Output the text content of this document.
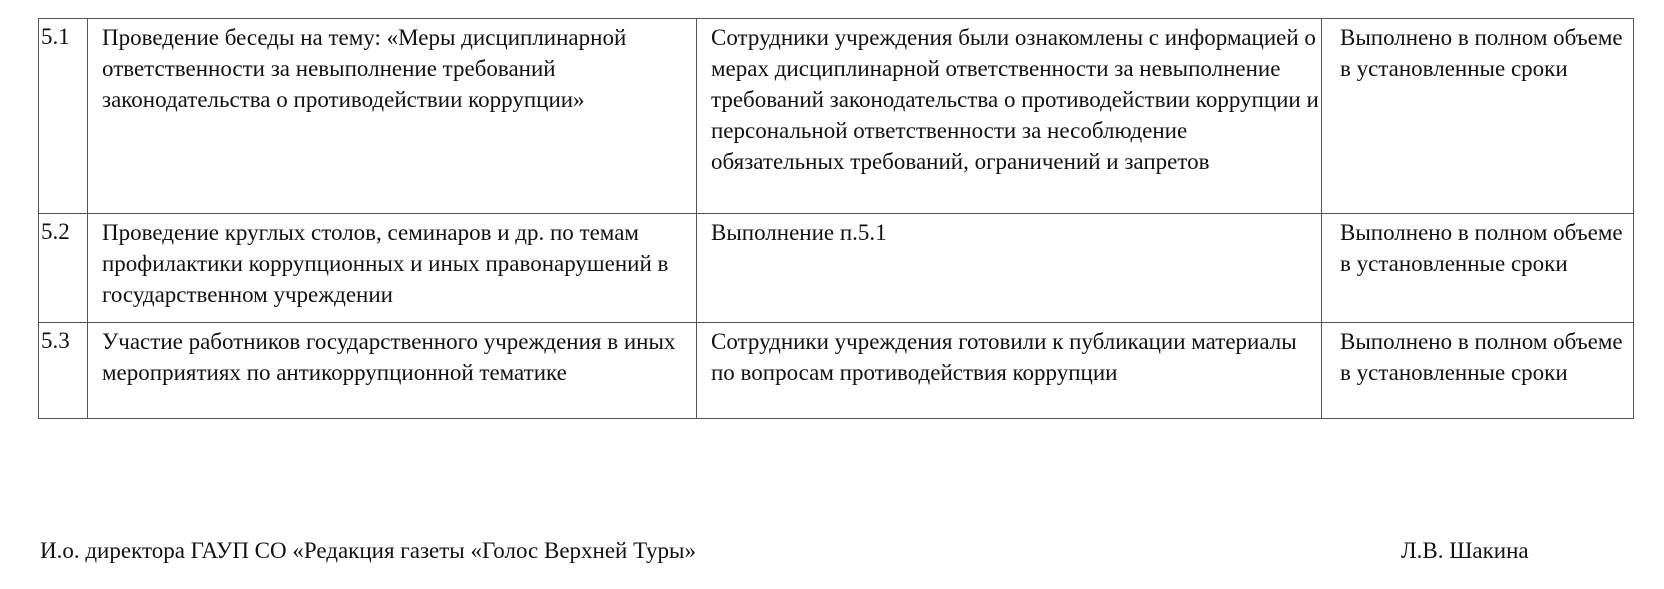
5.1	Проведение беседы на тему: «Меры дисциплинарной ответственности за невыполнение требований законодательства о противодействии коррупции»	Сотрудники учреждения были ознакомлены с информацией о мерах дисциплинарной ответственности за невыполнение требований законодательства о противодействии коррупции и персональной ответственности за несоблюдение обязательных требований, ограничений и запретов	Выполнено в полном объеме в установленные сроки

5.2	Проведение круглых столов, семинаров и др. по темам профилактики коррупционных и иных правонарушений в государственном учреждении	Выполнение п.5.1	Выполнено в полном объеме в установленные сроки

5.3	Участие работников государственного учреждения в иных мероприятиях по антикоррупционной тематике	Сотрудники учреждения готовили к публикации материалы по вопросам противодействия коррупции	Выполнено в полном объеме в установленные сроки
И.о. директора ГАУП СО «Редакция газеты «Голос Верхней Туры»	Л.В. Шакина
